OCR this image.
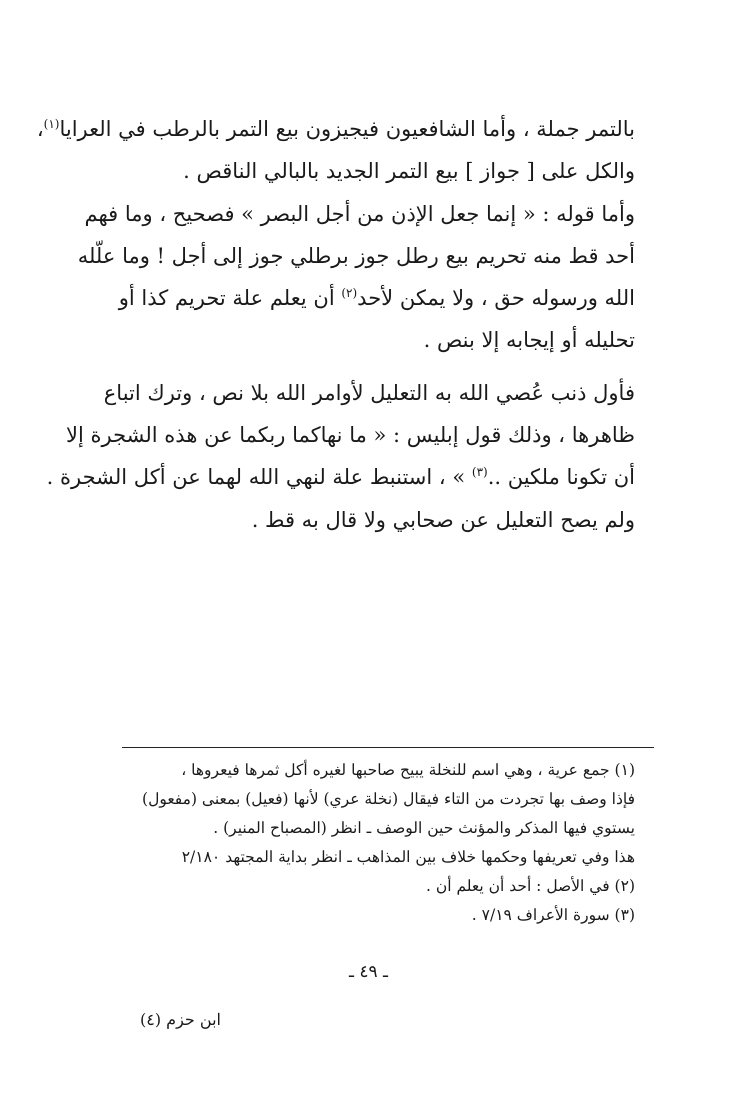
بالتمر جملة ، وأما الشافعيون فيجيزون بيع التمر بالرطب في العرايا$^{(١)}$،
والكل على [ جواز ] بيع التمر الجديد بالبالي الناقص .
وأما قوله : « إنما جعل الإذن من أجل البصر » فصحيح ، وما فهم
أحد قط منه تحريم بيع رطل جوز برطلي جوز إلى أجل ! وما علّله
الله ورسوله حق ، ولا يمكن لأحد$^{(٢)}$ أن يعلم علة تحريم كذا أو
تحليله أو إيجابه إلا بنص .
فأول ذنب عُصي الله به التعليل لأوامر الله بلا نص ، وترك اتباع
ظاهرها ، وذلك قول إبليس : « ما نهاكما ربكما عن هذه الشجرة إلا
أن تكونا ملكين ..$^{(٣)}$ » ، استنبط علة لنهي الله لهما عن أكل الشجرة .
ولم يصح التعليل عن صحابي ولا قال به قط .
(١) جمع عرية ، وهي اسم للنخلة يبيح صاحبها لغيره أكل ثمرها فيعروها ،
فإذا وصف بها تجردت من التاء فيقال (نخلة عري) لأنها (فعيل) بمعنى (مفعول)
يستوي فيها المذكر والمؤنث حين الوصف ـ انظر (المصباح المنير) .
هذا وفي تعريفها وحكمها خلاف بين المذاهب ـ انظر بداية المجتهد ٢/١٨٠
(٢) في الأصل : أحد أن يعلم أن .
(٣) سورة الأعراف ٧/١٩ .
ـ ٤٩ ـ
ابن حزم (٤)
